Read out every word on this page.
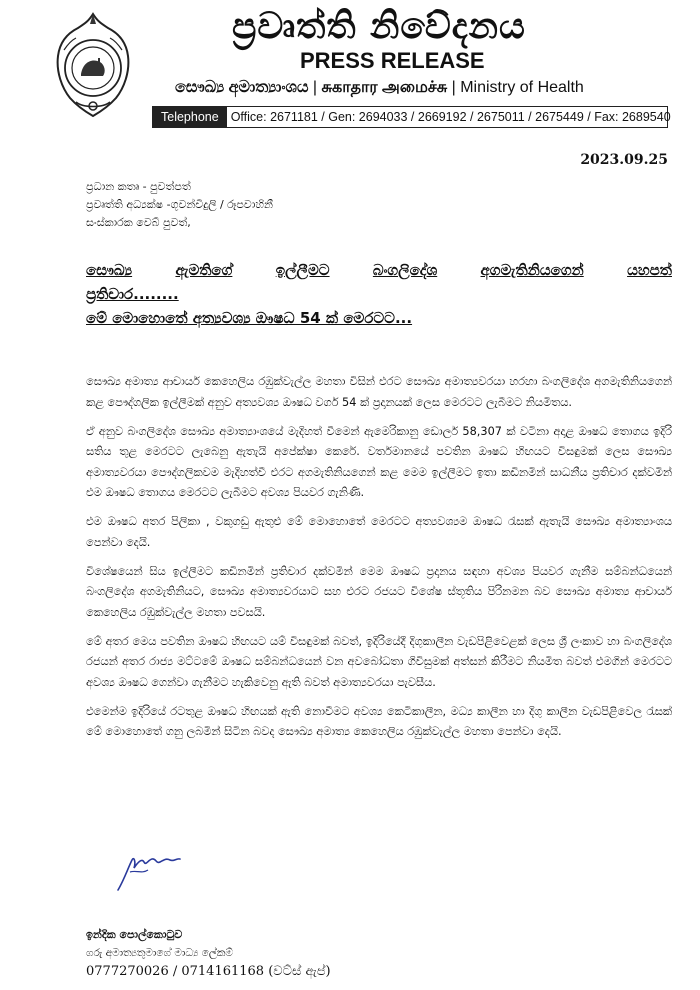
ප්‍රවෘත්ති නිවේදනය
PRESS RELEASE
සෞඛ්‍ය අමාත්‍යාංශය | சுகாதார அமைச்சு | Ministry of Health
Telephone Office: 2671181 / Gen: 2694033 / 2669192 / 2675011 / 2675449 / Fax: 2689540
2023.09.25
ප්‍රධාන කතෘ - පුවත්පත්
ප්‍රවෘත්ති අධ්‍යක්ෂ -ගුවන්විදුලි / රූපවාහිනී
සංස්කාරක වෙබ් පුවත්,
සෞඛ්‍ය	ඇමතිගේ	ඉල්ලීමට	බංගලිදේශ	අගමැතිනියගෙන්	යහපත්
ප්‍රතිචාර........
මේ මොහොතේ අත්‍යවශ්‍ය ඖෂධ 54 ක් මෙරටට...

සෞඛ්‍ය අමාත්‍ය ආචාර්ය කෙහෙලිය රඹුක්වැල්ල මහතා විසින් එරට සෞඛ්‍ය අමාත්‍යවරයා හරහා බංගලිදේශ අගමැතිනියගෙන් කළ පෞද්ගලික ඉල්ලීමක් අනුව අත්‍යවශ්‍ය ඖෂධ වර්ග 54 ක් ප්‍රදානයක් ලෙස මෙරටට ලැබීමට නියමිතය.

ඒ අනුව බංගලිදේශ සෞඛ්‍ය අමාත්‍යාංශයේ මැදිහත් වීමෙන් ඇමෙරිකානු ඩොලර් 58,307 ක් වටිනා අදාළ ඖෂධ තොගය ඉදිරි සතිය තුළ මෙරටට ලැබෙනු ඇතැයි අපේක්ෂා කෙරේ. වර්තමානයේ පවතින ඖෂධ හිඟයට විසඳුමක් ලෙස සෞඛ්‍ය අමාත්‍යවරයා පෞද්ගලිකවම මැදිහත්වී එරට අගමැතිනියගෙන් කළ මෙම ඉල්ලීමට ඉතා කඩිනමින් සාධනීය ප්‍රතිචාර දක්වමින් එම ඖෂධ තොගය මෙරටට ලැබීමට අවශ්‍ය පියවර ගැනිණි.

එම ඖෂධ අතර පිලිකා , වකුගඩු ඇතුළු මේ මොහොතේ මෙරටට අත්‍යවශ්‍යම ඖෂධ රැසක් ඇතැයි සෞඛ්‍ය අමාත්‍යාංශය පෙන්වා දෙයි.

විශේෂයෙන් සිය ඉල්ලීමට කඩිනමින් ප්‍රතිචාර දක්වමින් මෙම ඖෂධ ප්‍රදානය සඳහා අවශ්‍ය පියවර ගැනීම සම්බන්ධයෙන් බංගලිදේශ අගමැතිනියට, සෞඛ්‍ය අමාත්‍යවරයාට සහ එරට රජයට විශේෂ ස්තූතිය පිරිනමන බව සෞඛ්‍ය අමාත්‍ය ආචාර්ය කෙහෙලිය රඹුක්වැල්ල මහතා පවසයි.

මේ අතර මෙය පවතින ඖෂධ හිඟයට යම් විසඳුමක් බවත්, ඉදිරියේදී දිගුකාලීන වැඩපිළිවෙළක් ලෙස ශ්‍රී ලංකාව හා බංගලිදේශ රජයන් අතර රාජ්‍ය මට්ටමේ ඖෂධ සම්බන්ධයෙන් වන අවබෝධතා ගිවිසුමක් අත්සන් කිරීමට නියමිත බවත් එමගින් මෙරටට අවශ්‍ය ඖෂධ ගෙන්වා ගැනීමට හැකිවෙනු ඇති බවත් අමාත්‍යවරයා පැවසීය.

එමෙන්ම ඉදිරියේ රටතුළ ඖෂධ හිඟයක් ඇති නොවීමට අවශ්‍ය කෙටිකාලීන, මධ්‍ය කාලීන හා දිගු කාලීන වැඩපිළිවෙල රැසක් මේ මොහොතේ ගනු ලබමින් සිටින බවද සෞඛ්‍ය අමාත්‍ය කෙහෙලිය රඹුක්වැල්ල මහතා පෙන්වා දෙයි.

ඉන්දික පොල්කොටුව
ගරු අමාත්‍යතුමාගේ මාධ්‍ය ලේකම්
0777270026 / 0714161168 (වට්ස් ඇප්)
